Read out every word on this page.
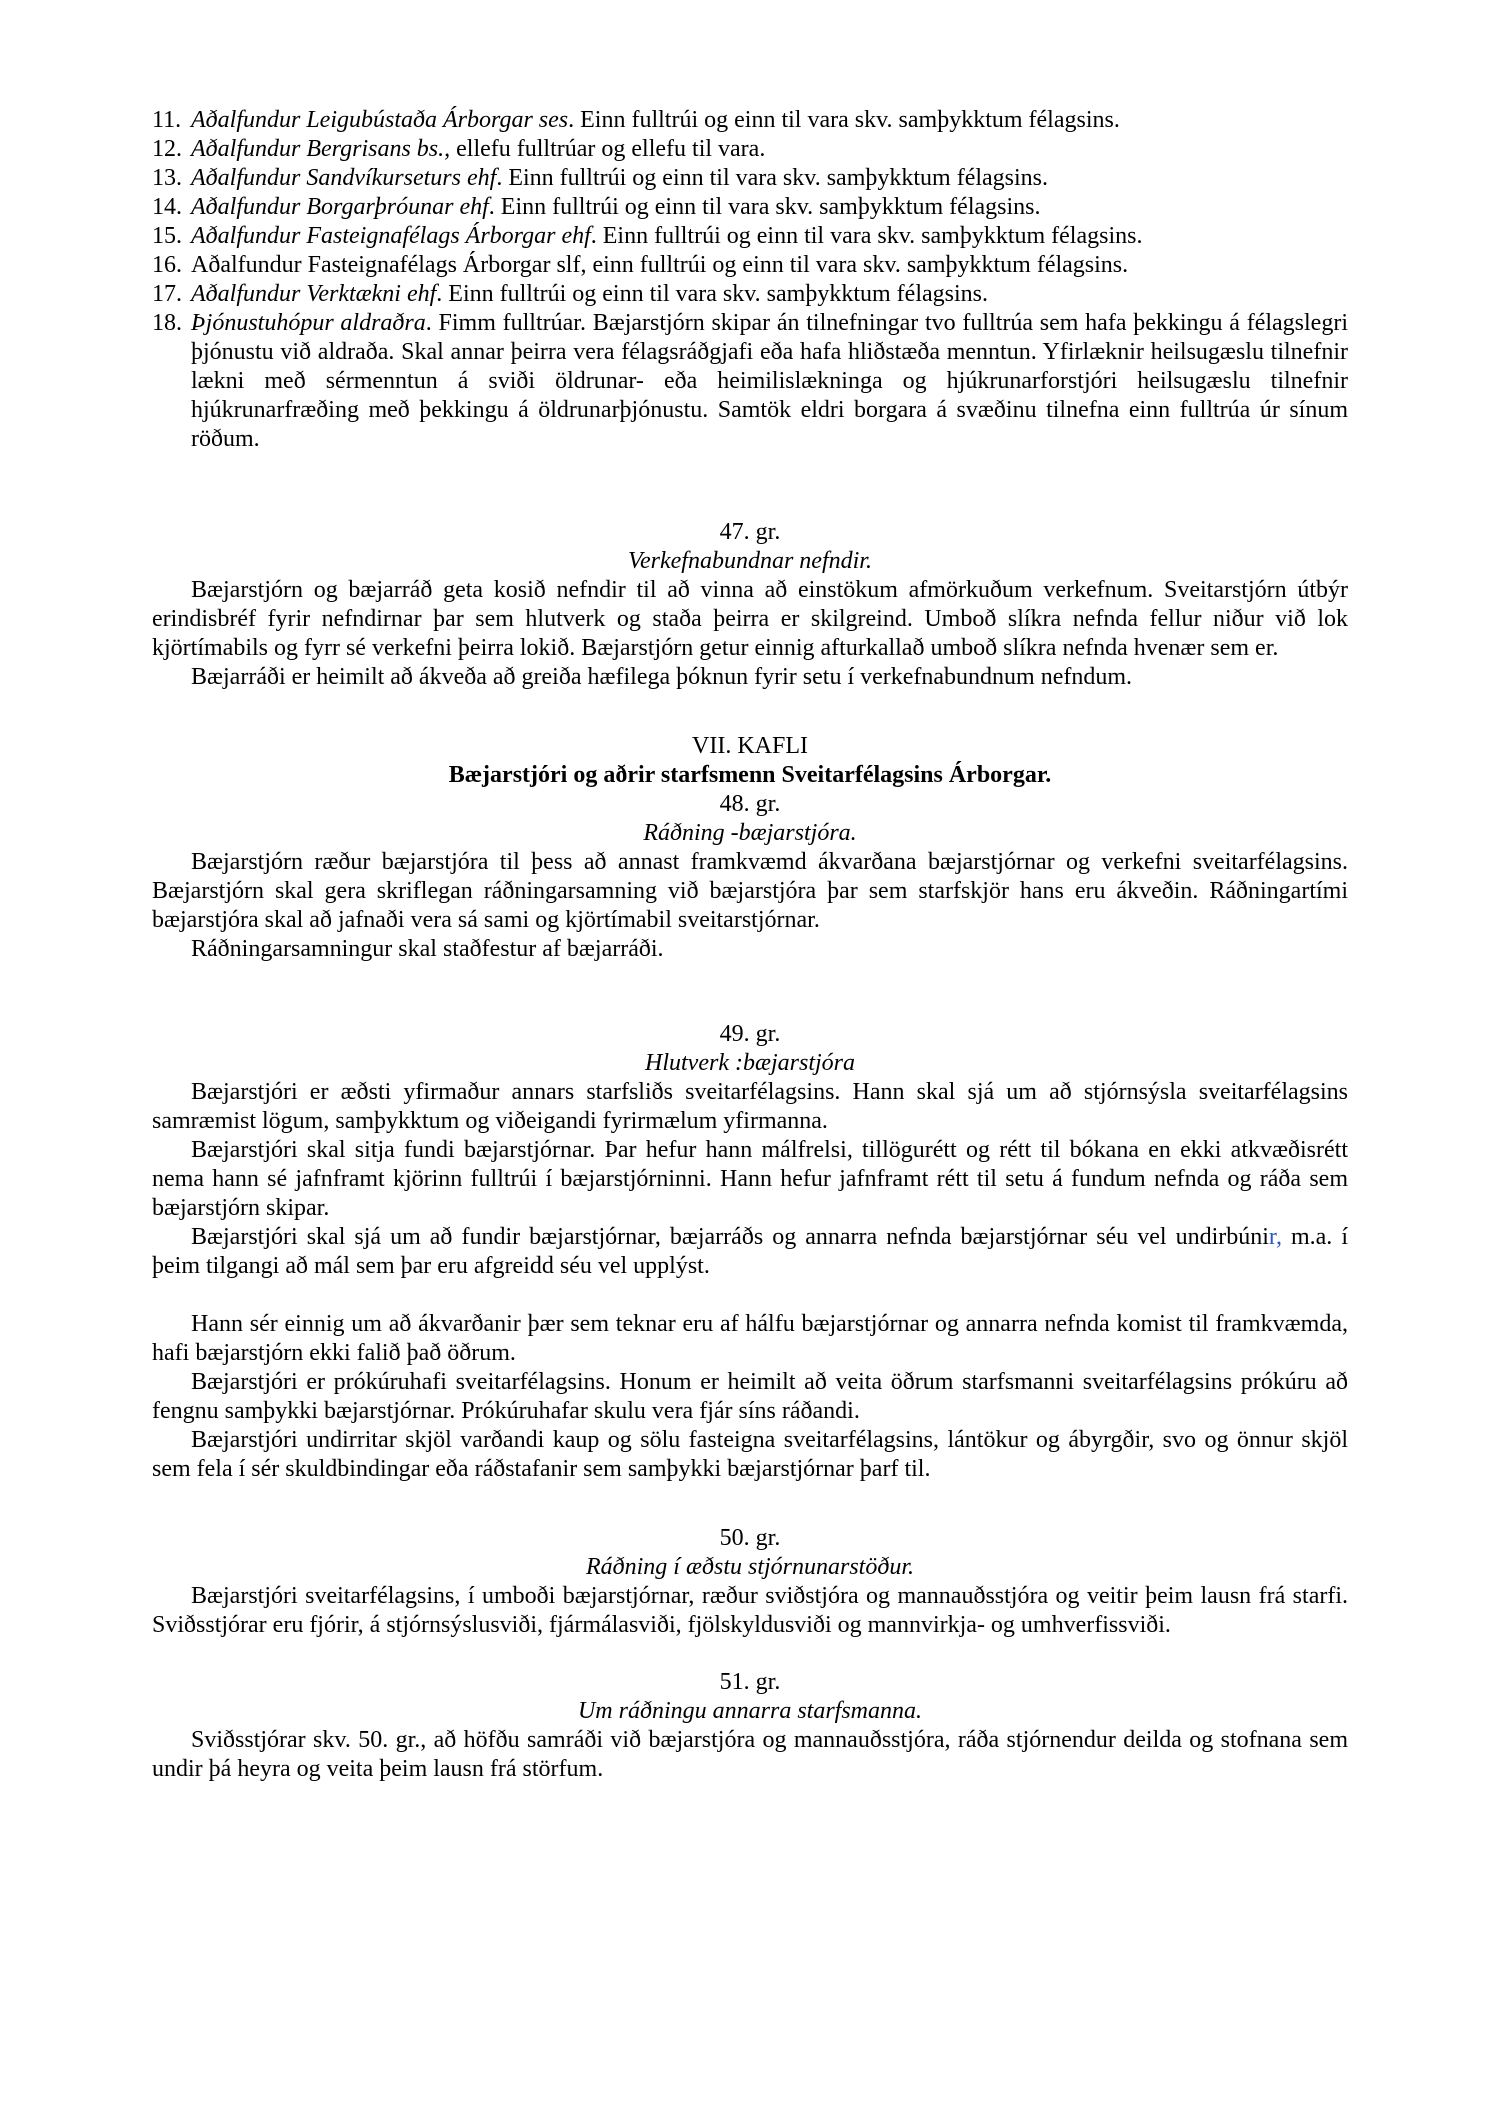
11. Aðalfundur Leigubústaða Árborgar ses. Einn fulltrúi og einn til vara skv. samþykktum félagsins.
12. Aðalfundur Bergrisans bs., ellefu fulltrúar og ellefu til vara.
13. Aðalfundur Sandvíkurseturs ehf. Einn fulltrúi og einn til vara skv. samþykktum félagsins.
14. Aðalfundur Borgarþróunar ehf. Einn fulltrúi og einn til vara skv. samþykktum félagsins.
15. Aðalfundur Fasteignafélags Árborgar ehf. Einn fulltrúi og einn til vara skv. samþykktum félagsins.
16. Aðalfundur Fasteignafélags Árborgar slf, einn fulltrúi og einn til vara skv. samþykktum félagsins.
17. Aðalfundur Verktækni ehf. Einn fulltrúi og einn til vara skv. samþykktum félagsins.
18. Þjónustuhópur aldraðra. Fimm fulltrúar. Bæjarstjórn skipar án tilnefningar tvo fulltrúa sem hafa þekkingu á félagslegri þjónustu við aldraða. Skal annar þeirra vera félagsráðgjafi eða hafa hliðstæða menntun. Yfirlæknir heilsugæslu tilnefnir lækni með sérmenntun á sviði öldrunar- eða heimilislækninga og hjúkrunarforstjóri heilsugæslu tilnefnir hjúkrunarfræðing með þekkingu á öldrunarþjónustu. Samtök eldri borgara á svæðinu tilnefna einn fulltrúa úr sínum röðum.
47. gr.
Verkefnabundnar nefndir.

Bæjarstjórn og bæjarráð geta kosið nefndir til að vinna að einstökum afmörkuðum verkefnum. Sveitarstjórn útbýr erindisbréf fyrir nefndirnar þar sem hlutverk og staða þeirra er skilgreind. Umboð slíkra nefnda fellur niður við lok kjörtímabils og fyrr sé verkefni þeirra lokið. Bæjarstjórn getur einnig afturkallað umboð slíkra nefnda hvenær sem er.

Bæjarráði er heimilt að ákveða að greiða hæfilega þóknun fyrir setu í verkefnabundnum nefndum.

VII. KAFLI
Bæjarstjóri og aðrir starfsmenn Sveitarfélagsins Árborgar.
48. gr.
Ráðning -bæjarstjóra.

Bæjarstjórn ræður bæjarstjóra til þess að annast framkvæmd ákvarðana bæjarstjórnar og verkefni sveitarfélagsins. Bæjarstjórn skal gera skriflegan ráðningarsamning við bæjarstjóra þar sem starfskjör hans eru ákveðin. Ráðningartími bæjarstjóra skal að jafnaði vera sá sami og kjörtímabil sveitarstjórnar.

Ráðningarsamningur skal staðfestur af bæjarráði.

49. gr.
Hlutverk :bæjarstjóra

Bæjarstjóri er æðsti yfirmaður annars starfsliðs sveitarfélagsins. Hann skal sjá um að stjórnsýsla sveitarfélagsins samræmist lögum, samþykktum og viðeigandi fyrirmælum yfirmanna.

Bæjarstjóri skal sitja fundi bæjarstjórnar. Þar hefur hann málfrelsi, tillögurétt og rétt til bókana en ekki atkvæðisrétt nema hann sé jafnframt kjörinn fulltrúi í bæjarstjórninni. Hann hefur jafnframt rétt til setu á fundum nefnda og ráða sem bæjarstjórn skipar.

Bæjarstjóri skal sjá um að fundir bæjarstjórnar, bæjarráðs og annarra nefnda bæjarstjórnar séu vel undirbúnir, m.a. í þeim tilgangi að mál sem þar eru afgreidd séu vel upplýst.

Hann sér einnig um að ákvarðanir þær sem teknar eru af hálfu bæjarstjórnar og annarra nefnda komist til framkvæmda, hafi bæjarstjórn ekki falið það öðrum.

Bæjarstjóri er prókúruhafi sveitarfélagsins. Honum er heimilt að veita öðrum starfsmanni sveitarfélagsins prókúru að fengnu samþykki bæjarstjórnar. Prókúruhafar skulu vera fjár síns ráðandi.

Bæjarstjóri undirritar skjöl varðandi kaup og sölu fasteigna sveitarfélagsins, lántökur og ábyrgðir, svo og önnur skjöl sem fela í sér skuldbindingar eða ráðstafanir sem samþykki bæjarstjórnar þarf til.

50. gr.
Ráðning í æðstu stjórnunarstöður.

Bæjarstjóri sveitarfélagsins, í umboði bæjarstjórnar, ræður sviðstjóra og mannauðsstjóra og veitir þeim lausn frá starfi. Sviðsstjórar eru fjórir, á stjórnsýslusviði, fjármálasviði, fjölskyldusviði og mannvirkja- og umhverfissviði.

51. gr.
Um ráðningu annarra starfsmanna.

Sviðsstjórar skv. 50. gr., að höfðu samráði við bæjarstjóra og mannauðsstjóra, ráða stjórnendur deilda og stofnana sem undir þá heyra og veita þeim lausn frá störfum.
